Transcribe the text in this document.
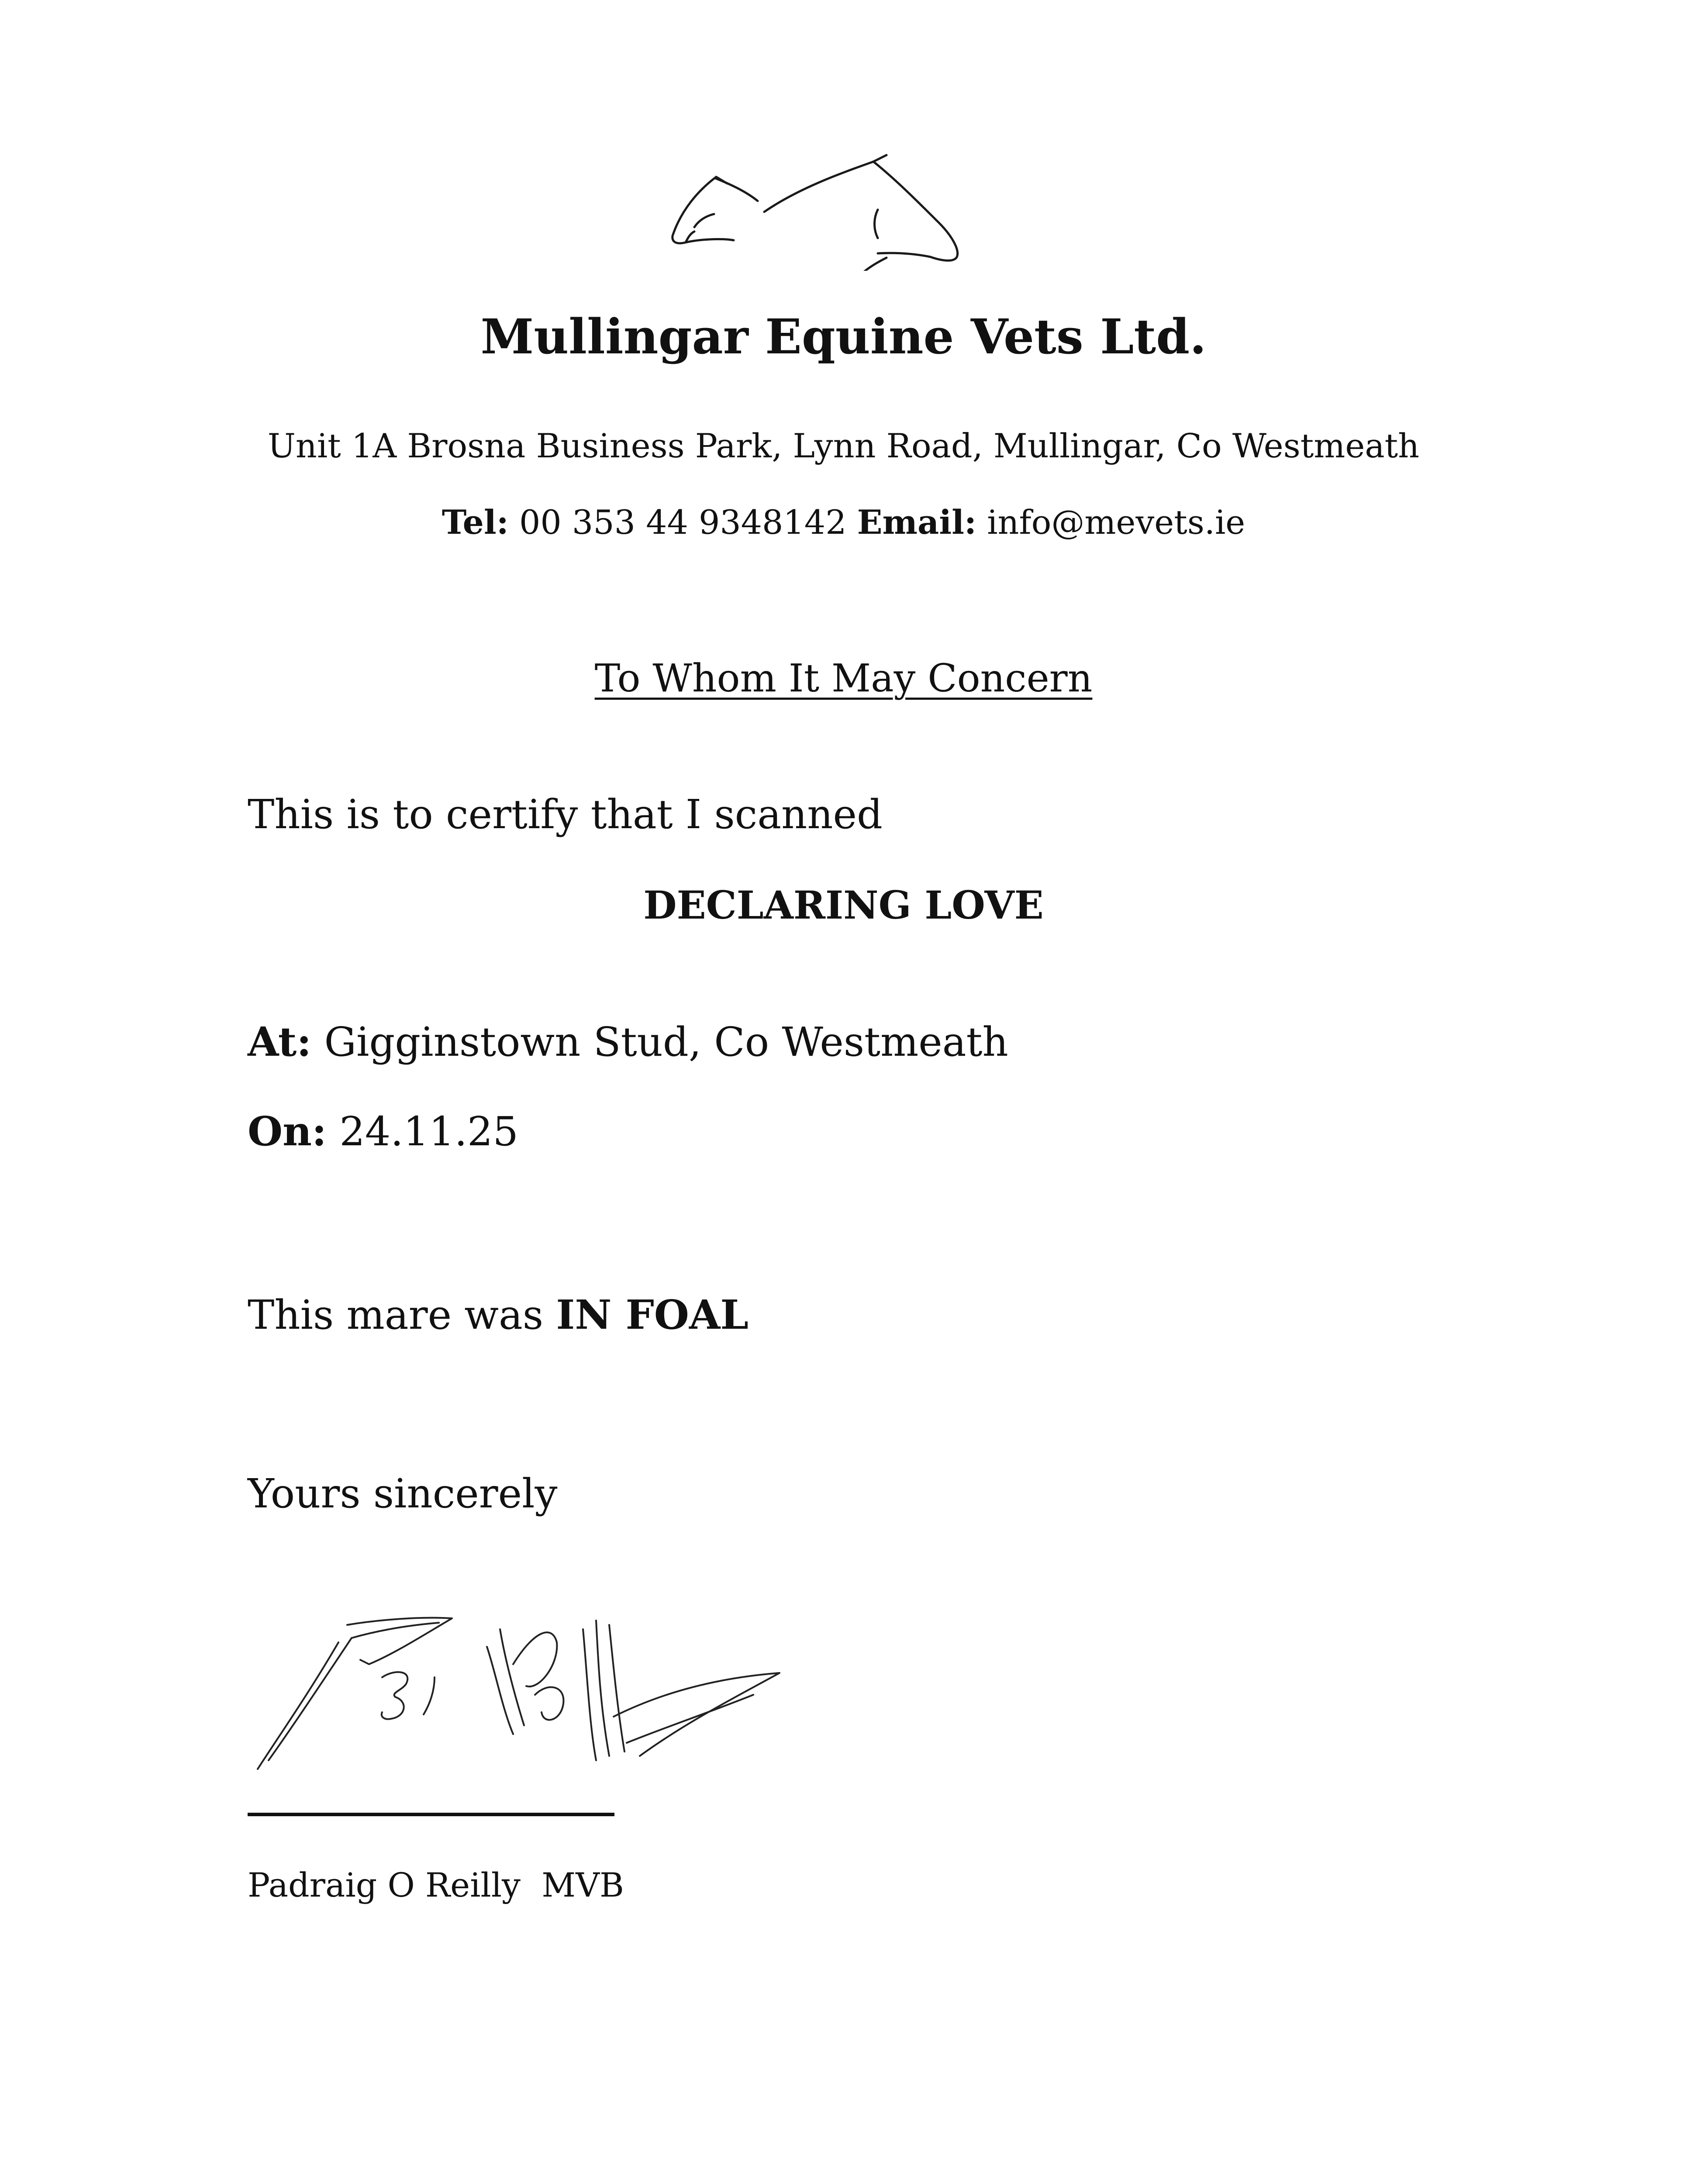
Mullingar Equine Vets Ltd.
Unit 1A Brosna Business Park, Lynn Road, Mullingar, Co Westmeath
Tel: 00 353 44 9348142 Email: info@mevets.ie
To Whom It May Concern
This is to certify that I scanned
DECLARING LOVE
At: Gigginstown Stud, Co Westmeath
On: 24.11.25
This mare was IN FOAL
Yours sincerely
Padraig O Reilly  MVB
